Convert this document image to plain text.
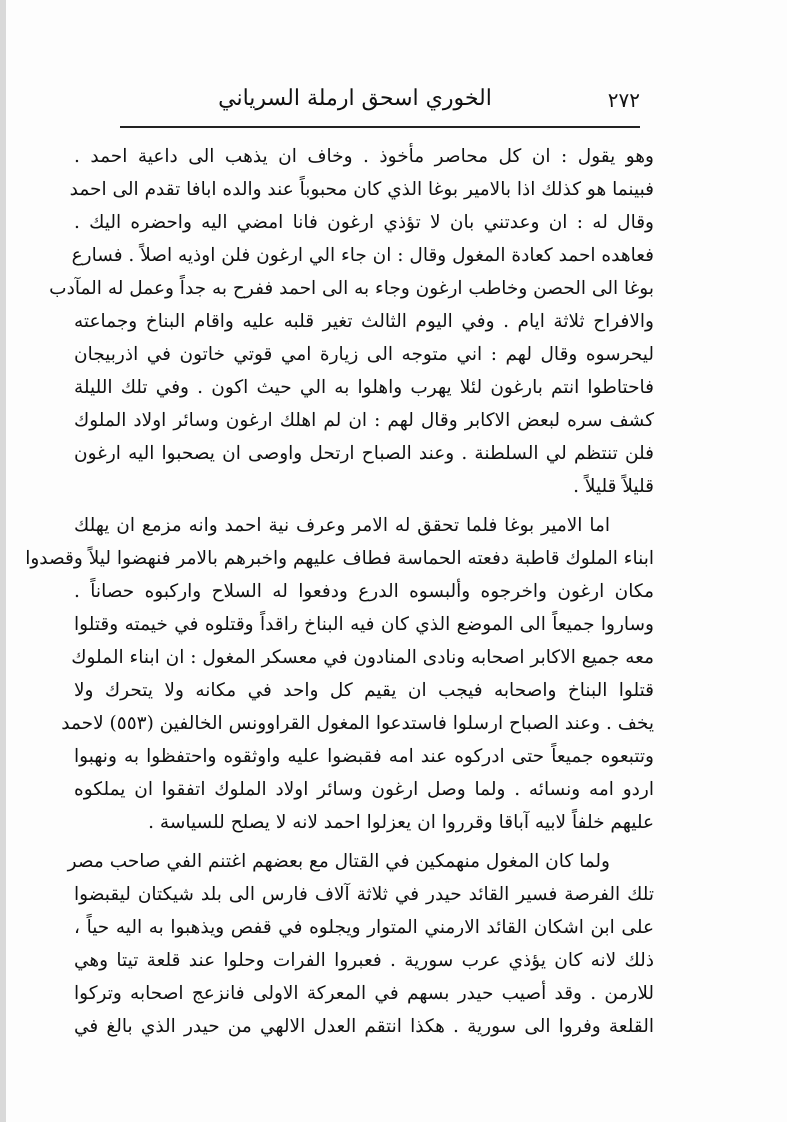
٢٧٢
الخوري اسحق ارملة السرياني
وهو يقول : ان كل محاصر مأخوذ . وخاف ان يذهب الى داعية احمد .
فبينما هو كذلك اذا بالامير بوغا الذي كان محبوباً عند والده ابافا تقدم الى احمد
وقال له : ان وعدتني بان لا تؤذي ارغون فانا امضي اليه واحضره اليك .
فعاهده احمد كعادة المغول وقال : ان جاء الي ارغون فلن اوذيه اصلاً . فسارع
بوغا الى الحصن وخاطب ارغون وجاء به الى احمد ففرح به جداً وعمل له المآدب
والافراح ثلاثة ايام . وفي اليوم الثالث تغير قلبه عليه واقام البناخ وجماعته
ليحرسوه وقال لهم : اني متوجه الى زيارة امي قوتي خاتون في اذربيجان
فاحتاطوا انتم بارغون لئلا يهرب واهلوا به الي حيث اكون . وفي تلك الليلة
كشف سره لبعض الاكابر وقال لهم : ان لم اهلك ارغون وسائر اولاد الملوك
فلن تنتظم لي السلطنة . وعند الصباح ارتحل واوصى ان يصحبوا اليه ارغون
قليلاً قليلاً .
اما الامير بوغا فلما تحقق له الامر وعرف نية احمد وانه مزمع ان يهلك
ابناء الملوك قاطبة دفعته الحماسة فطاف عليهم واخبرهم بالامر فنهضوا ليلاً وقصدوا
مكان ارغون واخرجوه وألبسوه الدرع ودفعوا له السلاح واركبوه حصاناً .
وساروا جميعاً الى الموضع الذي كان فيه البناخ راقداً وقتلوه في خيمته وقتلوا
معه جميع الاكابر اصحابه ونادى المنادون في معسكر المغول : ان ابناء الملوك
قتلوا البناخ واصحابه فيجب ان يقيم كل واحد في مكانه ولا يتحرك ولا
يخف . وعند الصباح ارسلوا فاستدعوا المغول القراوونس الخالفين (٥٥٣) لاحمد
وتتبعوه جميعاً حتى ادركوه عند امه فقبضوا عليه واوثقوه واحتفظوا به ونهبوا
اردو امه ونسائه . ولما وصل ارغون وسائر اولاد الملوك اتفقوا ان يملكوه
عليهم خلفاً لابيه آباقا وقرروا ان يعزلوا احمد لانه لا يصلح للسياسة .
ولما كان المغول منهمكين في القتال مع بعضهم اغتنم الفي صاحب مصر
تلك الفرصة فسير القائد حيدر في ثلاثة آلاف فارس الى بلد شيكتان ليقبضوا
على ابن اشكان القائد الارمني المتوار ويجلوه في قفص ويذهبوا به اليه حياً ،
ذلك لانه كان يؤذي عرب سورية . فعبروا الفرات وحلوا عند قلعة تيتا وهي
للارمن . وقد أصيب حيدر بسهم في المعركة الاولى فانزعج اصحابه وتركوا
القلعة وفروا الى سورية . هكذا انتقم العدل الالهي من حيدر الذي بالغ في
